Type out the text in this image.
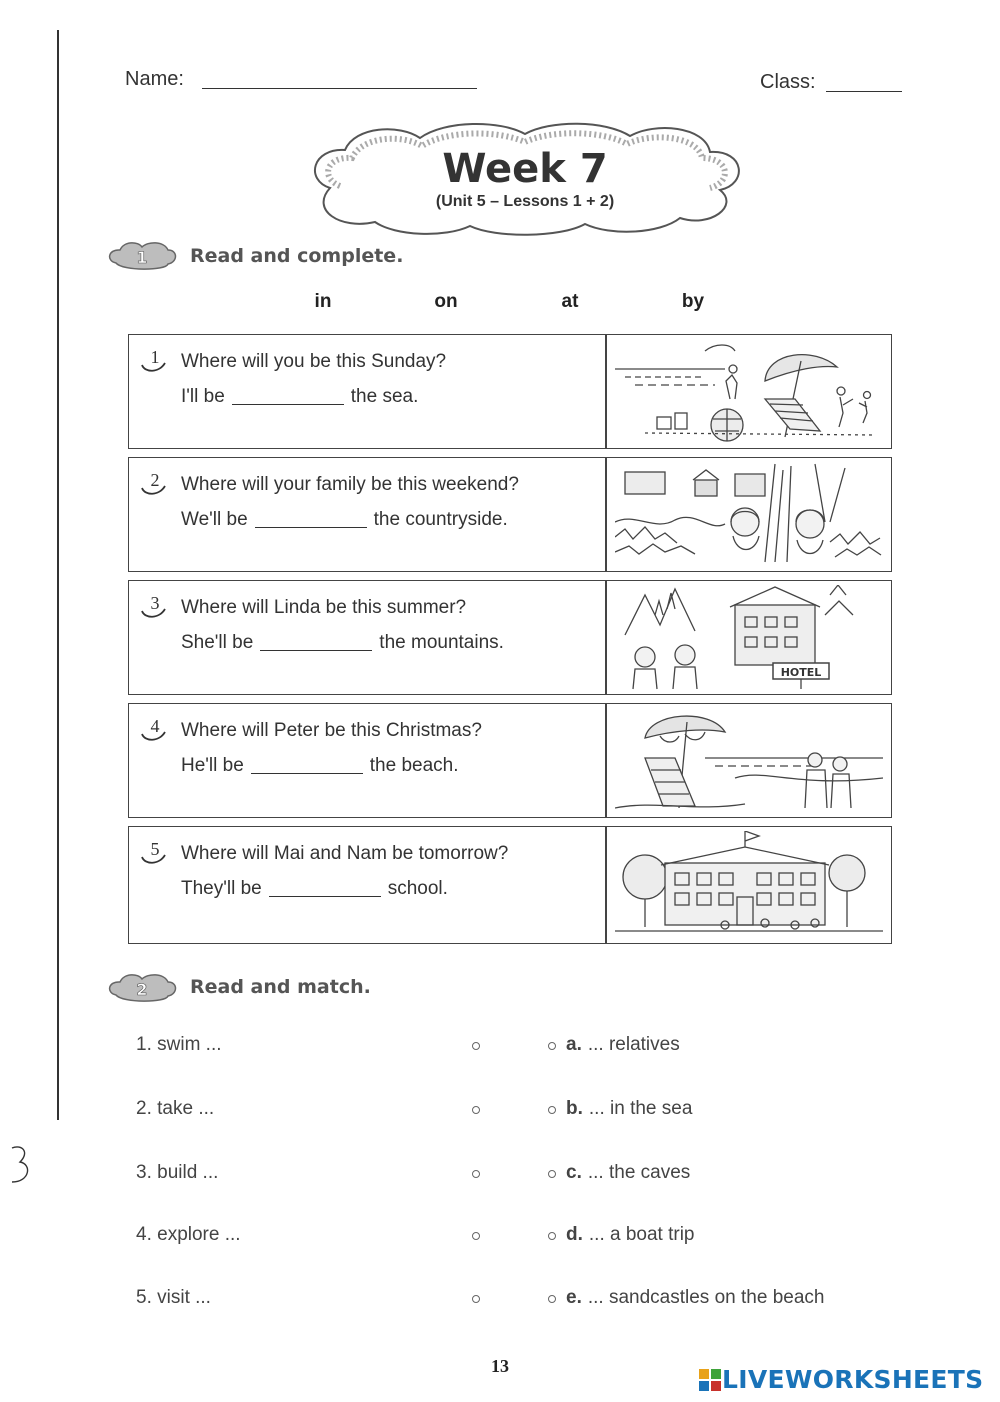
Name:	Class:
Week 7
(Unit 5 – Lessons 1 + 2)
1 Read and complete.
in	on	at	by
1 Where will you be this Sunday?
I'll be	the sea.
2 Where will your family be this weekend?
We'll be	the countryside.
3 Where will Linda be this summer?
She'll be	the mountains.
HOTEL
4 Where will Peter be this Christmas?
He'll be	the beach.
5 Where will Mai and Nam be tomorrow?
They'll be	school.
2 Read and match.
1. swim ...	a. ... relatives
2. take ...	b. ... in the sea
3. build ...	c. ... the caves
4. explore ...	d. ... a boat trip
5. visit ...	e. ... sandcastles on the beach
13	LIVEWORKSHEETS
